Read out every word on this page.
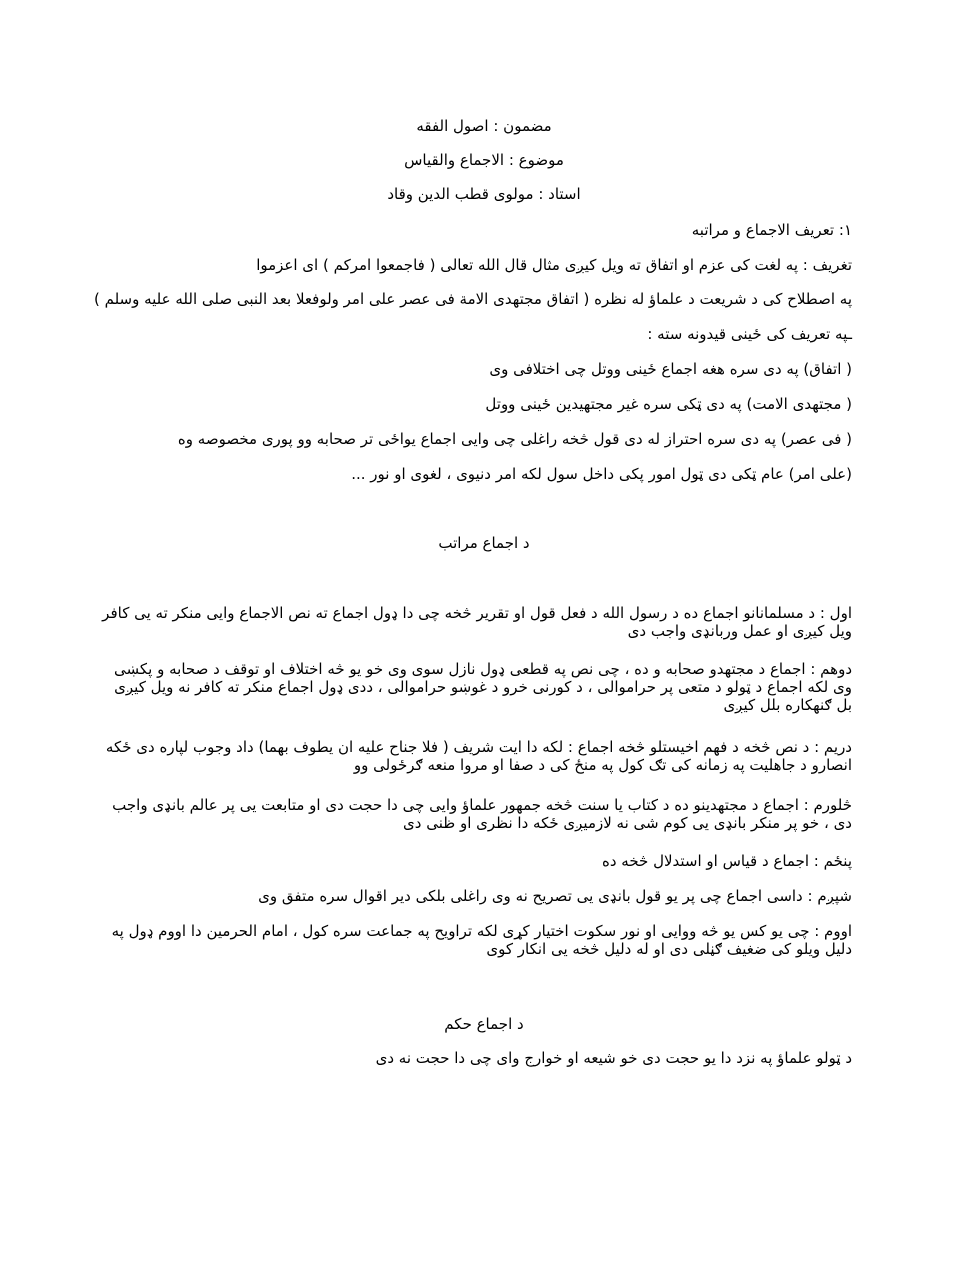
مضمون : اصول الفقه
موضوع : الاجماع والقياس
استاد : مولوی قطب الدین وقاد
١: تعریف الاجماع و مراتبه
تغریف : په لغت کی عزم او اتفاق ته ویل کیږی مثال قال الله تعالی ( فاجمعوا امرکم ) ای اعزموا
په اصطلاح کی د شریعت د علماؤ له نظره ( اتفاق مجتهدی الامة فی عصر علی امر ولوفعلا بعد النبی صلی الله علیه وسلم )
ـپه تعریف کی ځینی قیدونه سته :
( اتفاق) په دی سره هغه اجماع ځینی ووتل چی اختلافی وی
( مجتهدی الامت) په دی ټکی سره غیر مجتهیدین ځینی ووتل
( فی عصر) په دی سره احتراز له دی قول څخه راغلی چی وایی اجماع یواځی تر صحابه وو پوری مخصوصه وه
(علی امر) عام ټکی دی ټول امور پکی داخل سول لکه امر دنیوی ، لغوی او نور ...
د اجماع مراتب
اول : د مسلمانانو اجماع ده د رسول الله د فعل قول او تقریر څخه چی دا ډول اجماع ته نص الاجماع وایی منکر ته یی کافر ویل کیږی او عمل وربانډی واجب دی
دوهم : اجماع د مجتهدو صحابه و ده ، چی نص په قطعی ډول نازل سوی وی خو یو څه اختلاف او توقف د صحابه و پکښی وی لکه اجماع د ټولو د متعی پر حراموالی ، د کورنی خرو د غوښو حراموالی ، ددی ډول اجماع منکر ته کافر نه ویل کیږی بل ګنهکاره بلل کیږی
دریم : د نص څخه د فهم اخیستلو څخه اجماع : لکه دا ایت شریف ( فلا جناح علیه ان یطوف بهما) داد وجوب لپاره دی ځکه انصارو د جاهلیت په زمانه کی تګ کول په منځ کی د صفا او مروا منعه ګرځولی وو
څلورم : اجماع د مجتهدینو ده د کتاب یا سنت څخه جمهور علماؤ وایی چی دا حجت دی او متابعت یی پر عالم بانډی واجب دی ، خو پر منکر بانډی یی کوم شی نه لازمیږی ځکه دا نظری او ظنی دی
پنځم : اجماع د قیاس او استدلال څخه ده
شپږم : داسی اجماع چی پر یو قول بانډی یی تصریح نه وی راغلی بلکی دیر اقوال سره متفق وی
اووم : چی یو کس یو څه ووایی او نور سکوت اختیار کړی لکه تراویح په جماعت سره کول ، امام الحرمین دا اووم ډول په دلیل ویلو کی ضغیف ګڼلی دی او له دلیل څخه یی انکار کوی
د اجماع حکم
د ټولو علماؤ په نزد دا یو حجت دی خو شیعه او خوارج وای چی دا حجت نه دی
